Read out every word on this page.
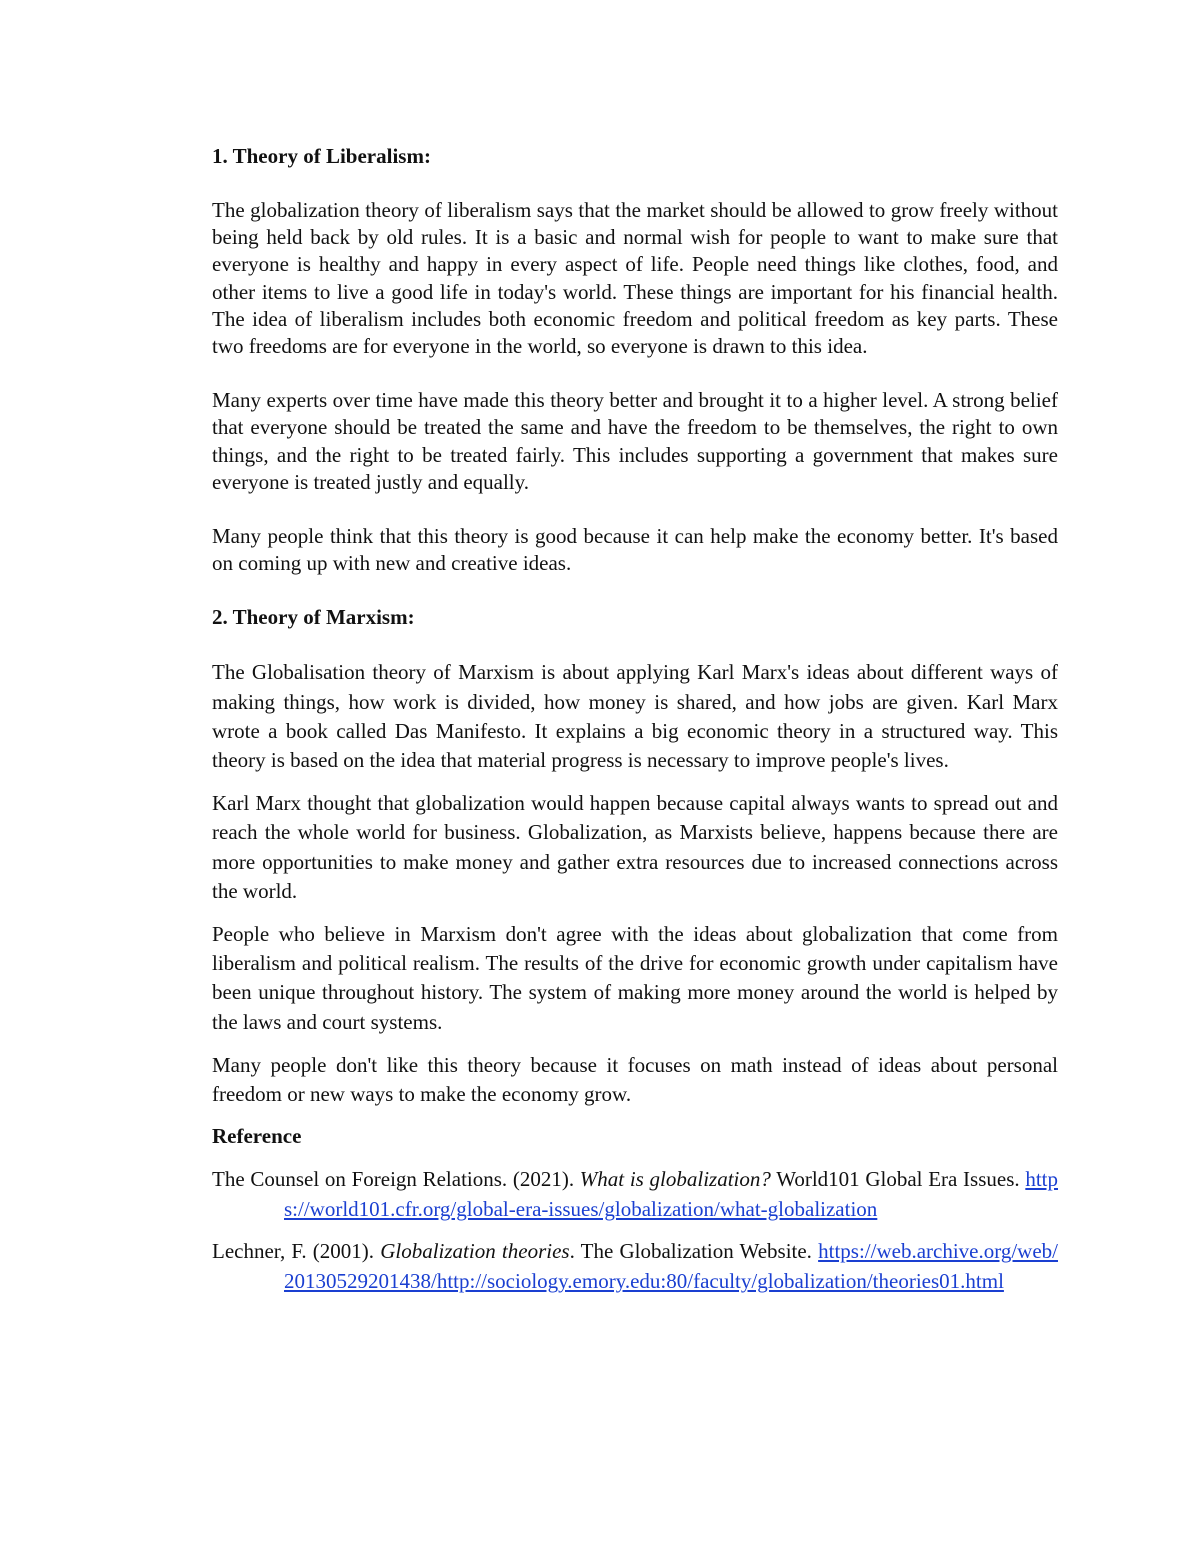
1. Theory of Liberalism:

The globalization theory of liberalism says that the market should be allowed to grow freely without being held back by old rules. It is a basic and normal wish for people to want to make sure that everyone is healthy and happy in every aspect of life. People need things like clothes, food, and other items to live a good life in today's world. These things are important for his financial health. The idea of liberalism includes both economic freedom and political freedom as key parts. These two freedoms are for everyone in the world, so everyone is drawn to this idea.

Many experts over time have made this theory better and brought it to a higher level. A strong belief that everyone should be treated the same and have the freedom to be themselves, the right to own things, and the right to be treated fairly. This includes supporting a government that makes sure everyone is treated justly and equally.

Many people think that this theory is good because it can help make the economy better. It's based on coming up with new and creative ideas.

2. Theory of Marxism:

The Globalisation theory of Marxism is about applying Karl Marx's ideas about different ways of making things, how work is divided, how money is shared, and how jobs are given. Karl Marx wrote a book called Das Manifesto. It explains a big economic theory in a structured way. This theory is based on the idea that material progress is necessary to improve people's lives.

Karl Marx thought that globalization would happen because capital always wants to spread out and reach the whole world for business. Globalization, as Marxists believe, happens because there are more opportunities to make money and gather extra resources due to increased connections across the world.

People who believe in Marxism don't agree with the ideas about globalization that come from liberalism and political realism. The results of the drive for economic growth under capitalism have been unique throughout history. The system of making more money around the world is helped by the laws and court systems.

Many people don't like this theory because it focuses on math instead of ideas about personal freedom or new ways to make the economy grow.

Reference

The Counsel on Foreign Relations. (2021). What is globalization? World101 Global Era Issues. https://world101.cfr.org/global-era-issues/globalization/what-globalization

Lechner, F. (2001). Globalization theories. The Globalization Website. https://web.archive.org/web/20130529201438/http://sociology.emory.edu:80/faculty/globalization/theories01.html
